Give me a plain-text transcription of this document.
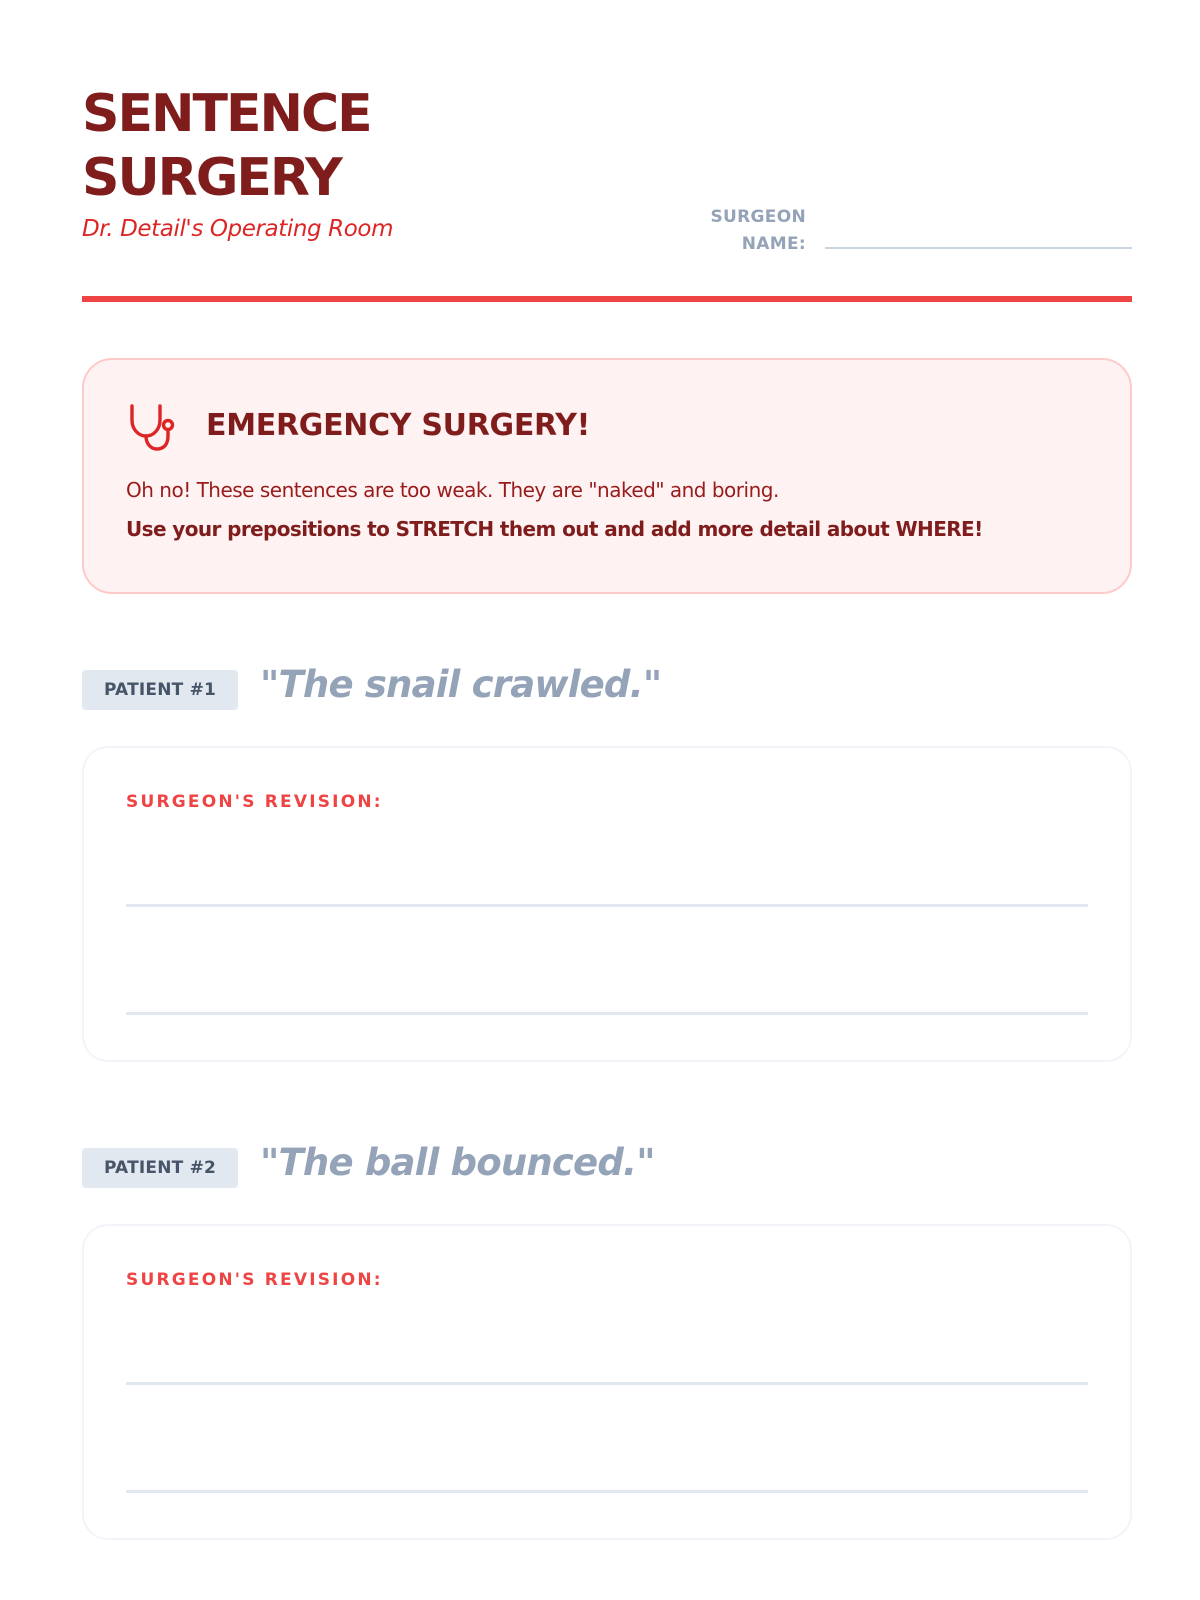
SENTENCE
SURGERY
Dr. Detail's Operating Room	SURGEON
NAME:
EMERGENCY SURGERY!
Oh no! These sentences are too weak. They are "naked" and boring.
Use your prepositions to STRETCH them out and add more detail about WHERE!
PATIENT #1	"The snail crawled."
SURGEON'S REVISION:
PATIENT #2	"The ball bounced."
SURGEON'S REVISION:
